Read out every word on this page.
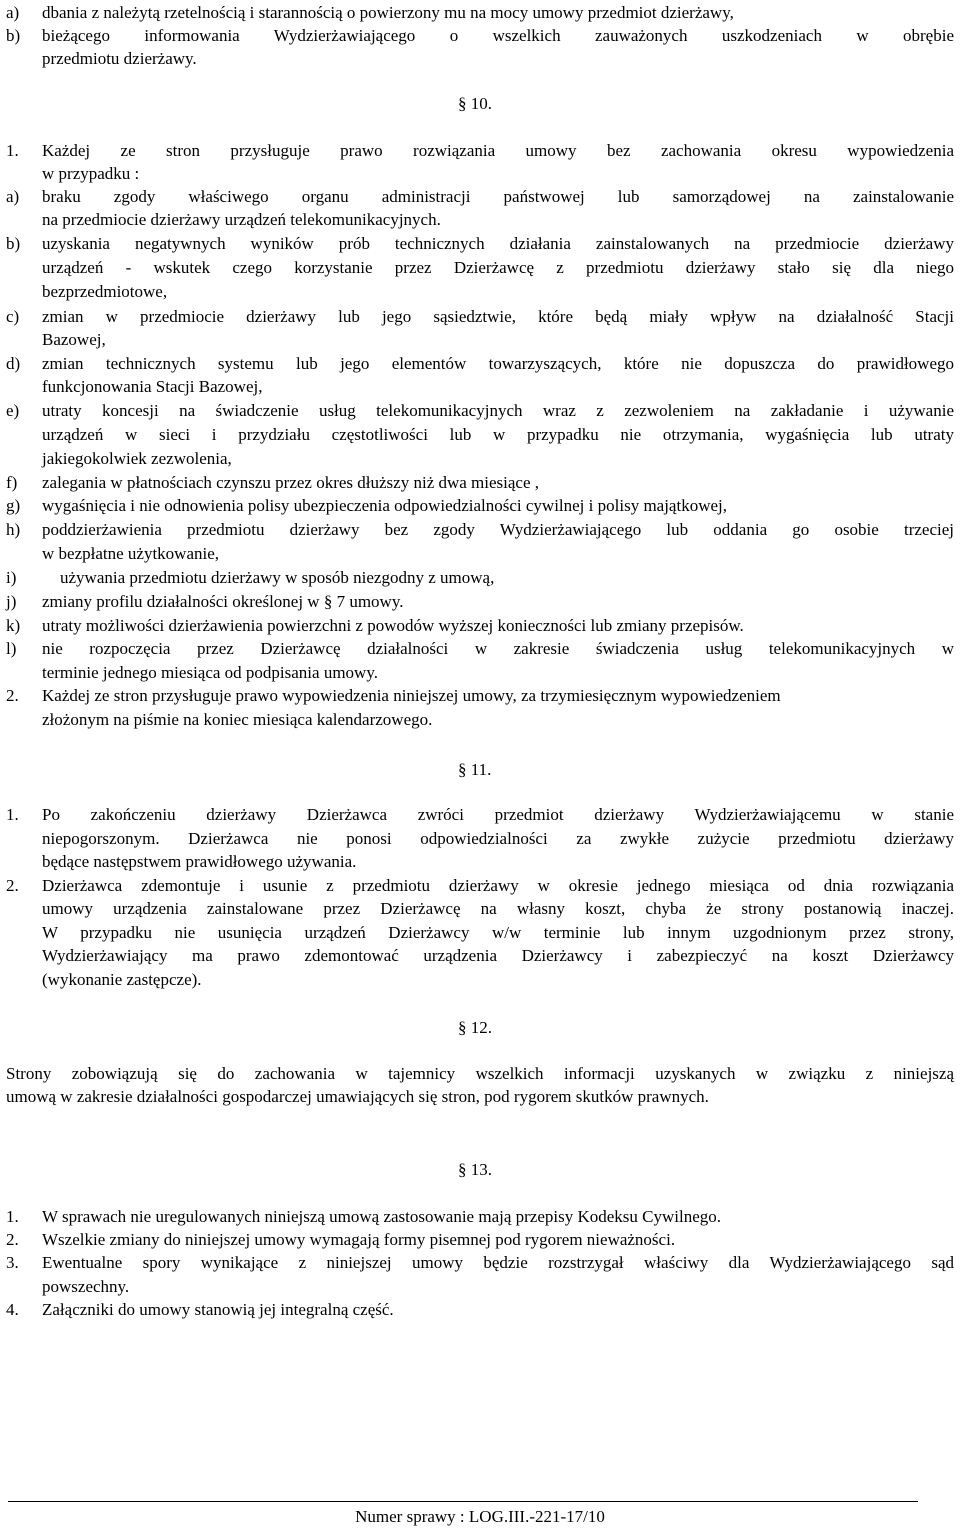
a) dbania z należytą rzetelnością i starannością o powierzony mu na mocy umowy przedmiot dzierżawy,
b) bieżącego informowania Wydzierżawiającego o wszelkich zauważonych uszkodzeniach w obrębie
przedmiotu dzierżawy.
§ 10.
1. Każdej ze stron przysługuje prawo rozwiązania umowy bez zachowania okresu wypowiedzenia
w przypadku :
a) braku zgody właściwego organu administracji państwowej lub samorządowej na zainstalowanie
na przedmiocie dzierżawy urządzeń telekomunikacyjnych.
b) uzyskania negatywnych wyników prób technicznych działania zainstalowanych na przedmiocie dzierżawy
urządzeń - wskutek czego korzystanie przez Dzierżawcę z przedmiotu dzierżawy stało się dla niego
bezprzedmiotowe,
c) zmian w przedmiocie dzierżawy lub jego sąsiedztwie, które będą miały wpływ na działalność Stacji
Bazowej,
d) zmian technicznych systemu lub jego elementów towarzyszących, które nie dopuszcza do prawidłowego
funkcjonowania Stacji Bazowej,
e) utraty koncesji na świadczenie usług telekomunikacyjnych wraz z zezwoleniem na zakładanie i używanie
urządzeń w sieci i przydziału częstotliwości lub w przypadku nie otrzymania, wygaśnięcia lub utraty
jakiegokolwiek zezwolenia,
f) zalegania w płatnościach czynszu przez okres dłuższy niż dwa miesiące ,
g) wygaśnięcia i nie odnowienia polisy ubezpieczenia odpowiedzialności cywilnej i polisy majątkowej,
h) poddzierżawienia przedmiotu dzierżawy bez zgody Wydzierżawiającego lub oddania go osobie trzeciej
w bezpłatne użytkowanie,
i)	używania przedmiotu dzierżawy w sposób niezgodny z umową,
j) zmiany profilu działalności określonej w § 7 umowy.
k) utraty możliwości dzierżawienia powierzchni z powodów wyższej konieczności lub zmiany przepisów.
l) nie rozpoczęcia przez Dzierżawcę działalności w zakresie świadczenia usług telekomunikacyjnych w
terminie jednego miesiąca od podpisania umowy.
2. Każdej ze stron przysługuje prawo wypowiedzenia niniejszej umowy, za trzymiesięcznym wypowiedzeniem
złożonym na piśmie na koniec miesiąca kalendarzowego.
§ 11.
1. Po zakończeniu dzierżawy Dzierżawca zwróci przedmiot dzierżawy Wydzierżawiającemu w stanie
niepogorszonym. Dzierżawca nie ponosi odpowiedzialności za zwykłe zużycie przedmiotu dzierżawy
będące następstwem prawidłowego używania.
2. Dzierżawca zdemontuje i usunie z przedmiotu dzierżawy w okresie jednego miesiąca od dnia rozwiązania
umowy urządzenia zainstalowane przez Dzierżawcę na własny koszt, chyba że strony postanowią inaczej.
W przypadku nie usunięcia urządzeń Dzierżawcy w/w terminie lub innym uzgodnionym przez strony,
Wydzierżawiający ma prawo zdemontować urządzenia Dzierżawcy i zabezpieczyć na koszt Dzierżawcy
(wykonanie zastępcze).
§ 12.
Strony zobowiązują się do zachowania w tajemnicy wszelkich informacji uzyskanych w związku z niniejszą
umową w zakresie działalności gospodarczej umawiających się stron, pod rygorem skutków prawnych.
§ 13.
1. W sprawach nie uregulowanych niniejszą umową zastosowanie mają przepisy Kodeksu Cywilnego.
2. Wszelkie zmiany do niniejszej umowy wymagają formy pisemnej pod rygorem nieważności.
3. Ewentualne spory wynikające z niniejszej umowy będzie rozstrzygał właściwy dla Wydzierżawiającego sąd
powszechny.
4. Załączniki do umowy stanowią jej integralną część.
Numer sprawy : LOG.III.-221-17/10
